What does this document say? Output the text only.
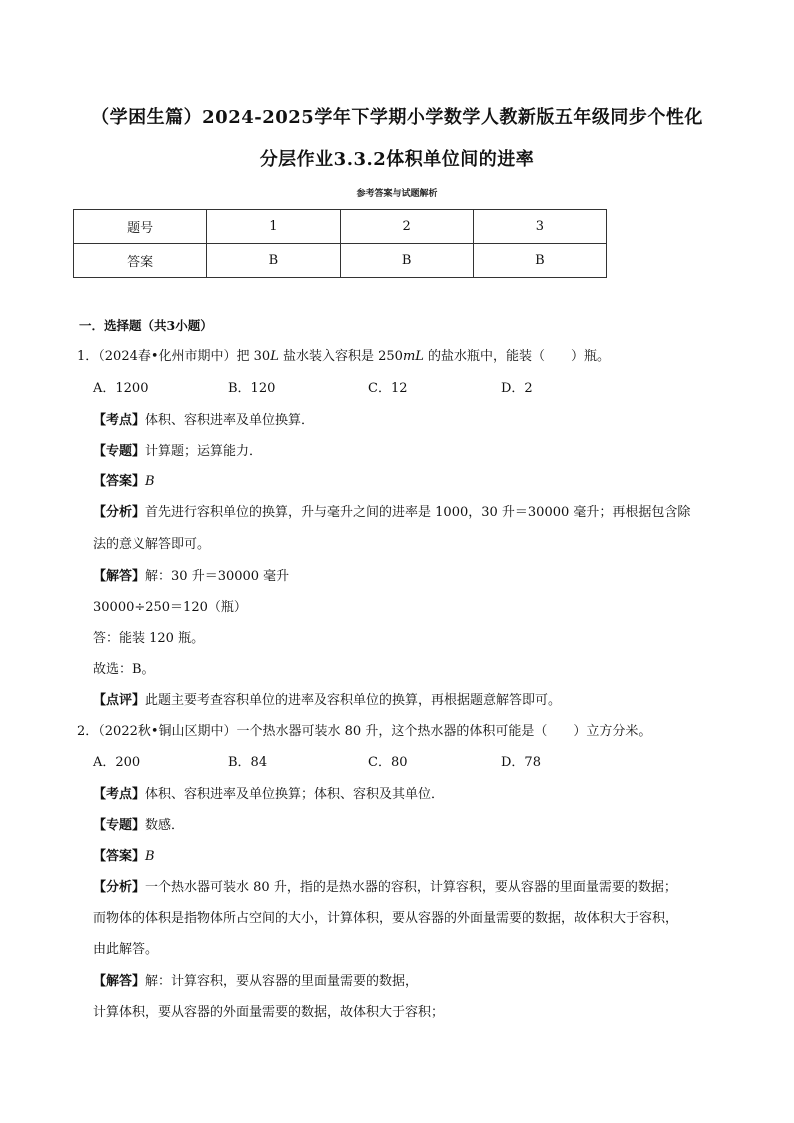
（学困生篇）2024-2025学年下学期小学数学人教新版五年级同步个性化
分层作业3.3.2体积单位间的进率
参考答案与试题解析
题号	1	2	3
答案	B	B	B
一．选择题（共3小题）
1．（2024春•化州市期中）把 30L 盐水装入容积是 250mL 的盐水瓶中，能装（　　）瓶。
A．1200	B．120	C．12	D．2
【考点】体积、容积进率及单位换算．
【专题】计算题；运算能力．
【答案】B
【分析】首先进行容积单位的换算，升与毫升之间的进率是 1000，30 升＝30000 毫升；再根据包含除
法的意义解答即可。
【解答】解：30 升＝30000 毫升
30000÷250＝120（瓶）
答：能装 120 瓶。
故选：B。
【点评】此题主要考查容积单位的进率及容积单位的换算，再根据题意解答即可。
2．（2022秋•铜山区期中）一个热水器可装水 80 升，这个热水器的体积可能是（　　）立方分米。
A．200	B．84	C．80	D．78
【考点】体积、容积进率及单位换算；体积、容积及其单位．
【专题】数感．
【答案】B
【分析】一个热水器可装水 80 升，指的是热水器的容积，计算容积，要从容器的里面量需要的数据；
而物体的体积是指物体所占空间的大小，计算体积，要从容器的外面量需要的数据，故体积大于容积，
由此解答。
【解答】解：计算容积，要从容器的里面量需要的数据，
计算体积，要从容器的外面量需要的数据，故体积大于容积；
